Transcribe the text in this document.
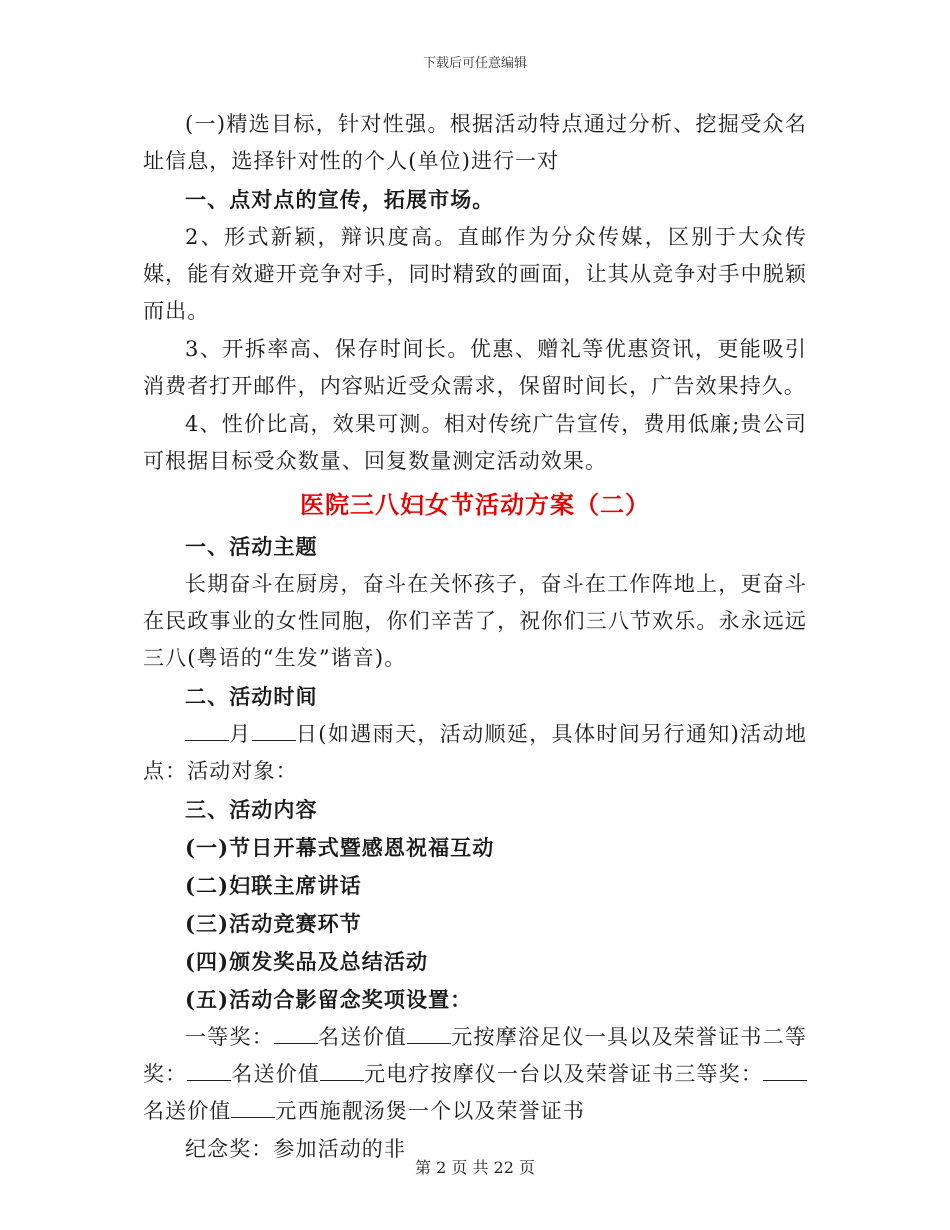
下载后可任意编辑

(一)精选目标，针对性强。根据活动特点通过分析、挖掘受众名址信息，选择针对性的个人(单位)进行一对

一、点对点的宣传，拓展市场。

2、形式新颖，辩识度高。直邮作为分众传媒，区别于大众传媒，能有效避开竞争对手，同时精致的画面，让其从竞争对手中脱颖而出。

3、开拆率高、保存时间长。优惠、赠礼等优惠资讯，更能吸引消费者打开邮件，内容贴近受众需求，保留时间长，广告效果持久。

4、性价比高，效果可测。相对传统广告宣传，费用低廉;贵公司可根据目标受众数量、回复数量测定活动效果。

医院三八妇女节活动方案（二）

一、活动主题

长期奋斗在厨房，奋斗在关怀孩子，奋斗在工作阵地上，更奋斗在民政事业的女性同胞，你们辛苦了，祝你们三八节欢乐。永永远远三八(粤语的“生发”谐音)。

二、活动时间

月 日(如遇雨天，活动顺延，具体时间另行通知)活动地点：活动对象：

三、活动内容

(一)节日开幕式暨感恩祝福互动

(二)妇联主席讲话

(三)活动竞赛环节

(四)颁发奖品及总结活动

(五)活动合影留念奖项设置：

一等奖： 名送价值 元按摩浴足仪一具以及荣誉证书二等奖： 名送价值 元电疗按摩仪一台以及荣誉证书三等奖：名送价值 元西施靓汤煲一个以及荣誉证书

纪念奖：参加活动的非

第 2 页 共 22 页
